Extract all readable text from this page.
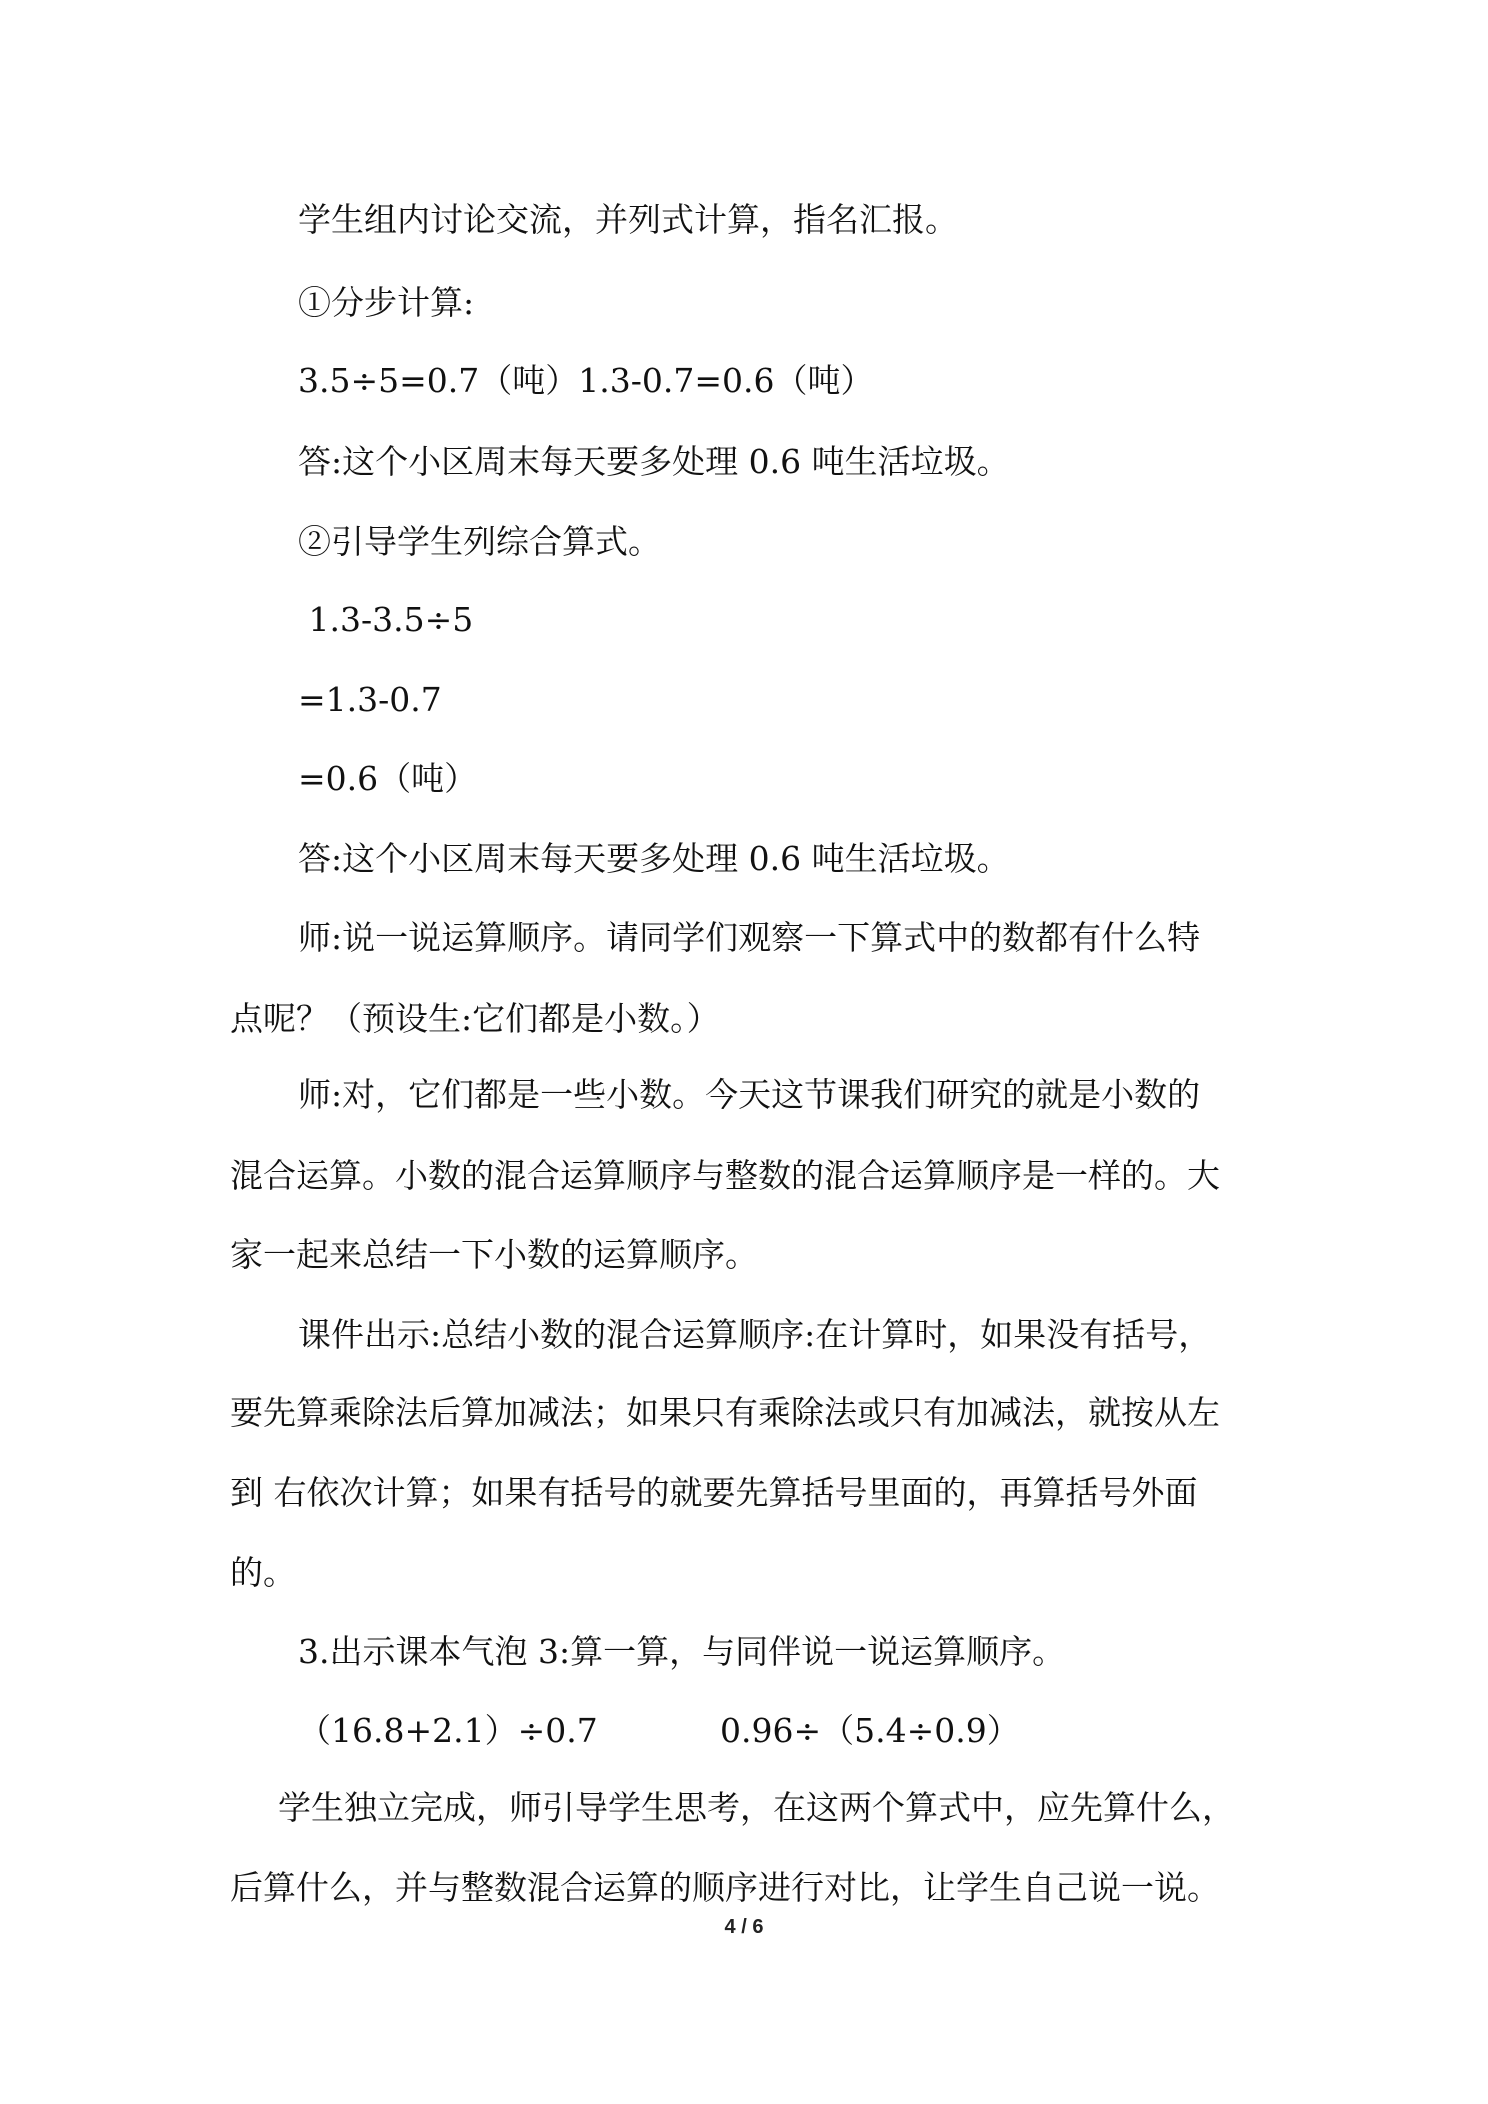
学生组内讨论交流，并列式计算，指名汇报。
①分步计算:
3.5÷5=0.7（吨）1.3-0.7=0.6（吨）
答:这个小区周末每天要多处理 0.6 吨生活垃圾。
②引导学生列综合算式。
1.3-3.5÷5
=1.3-0.7
=0.6（吨）
答:这个小区周末每天要多处理 0.6 吨生活垃圾。
师:说一说运算顺序。请同学们观察一下算式中的数都有什么特
点呢？（预设生:它们都是小数。）
师:对，它们都是一些小数。今天这节课我们研究的就是小数的
混合运算。小数的混合运算顺序与整数的混合运算顺序是一样的。大
家一起来总结一下小数的运算顺序。
课件出示:总结小数的混合运算顺序:在计算时，如果没有括号，
要先算乘除法后算加减法；如果只有乘除法或只有加减法，就按从左
到 右依次计算；如果有括号的就要先算括号里面的，再算括号外面
的。
3.出示课本气泡 3:算一算，与同伴说一说运算顺序。
（16.8+2.1）÷0.7	0.96÷（5.4÷0.9）
学生独立完成，师引导学生思考，在这两个算式中，应先算什么，
后算什么，并与整数混合运算的顺序进行对比，让学生自己说一说。
4 / 6
